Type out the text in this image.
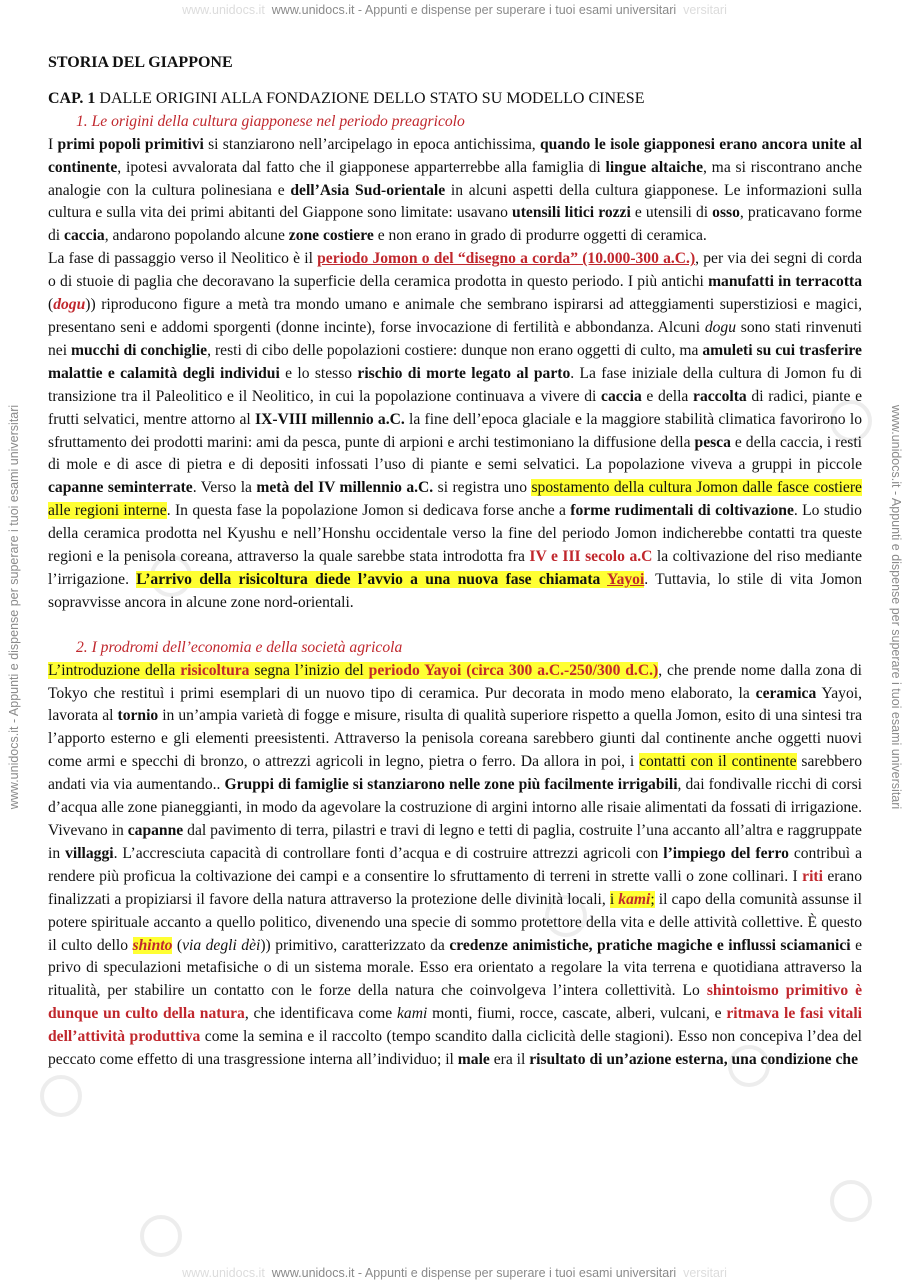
www.unidocs.it www.unidocs.it - Appunti e dispense per superare i tuoi esami universitari versitari
www.unidocs.it www.unidocs.it - Appunti e dispense per superare i tuoi esami universitari versitari
www.unidocs.it - Appunti e dispense per superare i tuoi esami universitari	www.unidocs.it - Appunti e dispense per superare i tuoi esami universitari
STORIA DEL GIAPPONE
CAP. 1 DALLE ORIGINI ALLA FONDAZIONE DELLO STATO SU MODELLO CINESE
1. Le origini della cultura giapponese nel periodo preagricolo

I primi popoli primitivi si stanziarono nell’arcipelago in epoca antichissima, quando le isole giapponesi erano ancora unite al continente, ipotesi avvalorata dal fatto che il giapponese apparterrebbe alla famiglia di lingue altaiche, ma si riscontrano anche analogie con la cultura polinesiana e dell’Asia Sud-orientale in alcuni aspetti della cultura giapponese. Le informazioni sulla cultura e sulla vita dei primi abitanti del Giappone sono limitate: usavano utensili litici rozzi e utensili di osso, praticavano forme di caccia, andarono popolando alcune zone costiere e non erano in grado di produrre oggetti di ceramica.

La fase di passaggio verso il Neolitico è il periodo Jomon o del “disegno a corda” (10.000-300 a.C.), per via dei segni di corda o di stuoie di paglia che decoravano la superficie della ceramica prodotta in questo periodo. I più antichi manufatti in terracotta (dogu)) riproducono figure a metà tra mondo umano e animale che sembrano ispirarsi ad atteggiamenti superstiziosi e magici, presentano seni e addomi sporgenti (donne incinte), forse invocazione di fertilità e abbondanza. Alcuni dogu sono stati rinvenuti nei mucchi di conchiglie, resti di cibo delle popolazioni costiere: dunque non erano oggetti di culto, ma amuleti su cui trasferire malattie e calamità degli individui e lo stesso rischio di morte legato al parto. La fase iniziale della cultura di Jomon fu di transizione tra il Paleolitico e il Neolitico, in cui la popolazione continuava a vivere di caccia e della raccolta di radici, piante e frutti selvatici, mentre attorno al IX-VIII millennio a.C. la fine dell’epoca glaciale e la maggiore stabilità climatica favorirono lo sfruttamento dei prodotti marini: ami da pesca, punte di arpioni e archi testimoniano la diffusione della pesca e della caccia, i resti di mole e di asce di pietra e di depositi infossati l’uso di piante e semi selvatici. La popolazione viveva a gruppi in piccole capanne seminterrate. Verso la metà del IV millennio a.C. si registra uno spostamento della cultura Jomon dalle fasce costiere alle regioni interne. In questa fase la popolazione Jomon si dedicava forse anche a forme rudimentali di coltivazione. Lo studio della ceramica prodotta nel Kyushu e nell’Honshu occidentale verso la fine del periodo Jomon indicherebbe contatti tra queste regioni e la penisola coreana, attraverso la quale sarebbe stata introdotta fra IV e III secolo a.C la coltivazione del riso mediante l’irrigazione. L’arrivo della risicoltura diede l’avvio a una nuova fase chiamata Yayoi. Tuttavia, lo stile di vita Jomon sopravvisse ancora in alcune zone nord-orientali.

2. I prodromi dell’economia e della società agricola

L’introduzione della risicoltura segna l’inizio del periodo Yayoi (circa 300 a.C.-250/300 d.C.), che prende nome dalla zona di Tokyo che restituì i primi esemplari di un nuovo tipo di ceramica. Pur decorata in modo meno elaborato, la ceramica Yayoi, lavorata al tornio in un’ampia varietà di fogge e misure, risulta di qualità superiore rispetto a quella Jomon, esito di una sintesi tra l’apporto esterno e gli elementi preesistenti. Attraverso la penisola coreana sarebbero giunti dal continente anche oggetti nuovi come armi e specchi di bronzo, o attrezzi agricoli in legno, pietra o ferro. Da allora in poi, i contatti con il continente sarebbero andati via via aumentando.. Gruppi di famiglie si stanziarono nelle zone più facilmente irrigabili, dai fondivalle ricchi di corsi d’acqua alle zone pianeggianti, in modo da agevolare la costruzione di argini intorno alle risaie alimentati da fossati di irrigazione. Vivevano in capanne dal pavimento di terra, pilastri e travi di legno e tetti di paglia, costruite l’una accanto all’altra e raggruppate in villaggi. L’accresciuta capacità di controllare fonti d’acqua e di costruire attrezzi agricoli con l’impiego del ferro contribuì a rendere più proficua la coltivazione dei campi e a consentire lo sfruttamento di terreni in strette valli o zone collinari. I riti erano finalizzati a propiziarsi il favore della natura attraverso la protezione delle divinità locali, i kami; il capo della comunità assunse il potere spirituale accanto a quello politico, divenendo una specie di sommo protettore della vita e delle attività collettive. È questo il culto dello shinto (via degli dèi)) primitivo, caratterizzato da credenze animistiche, pratiche magiche e influssi sciamanici e privo di speculazioni metafisiche o di un sistema morale. Esso era orientato a regolare la vita terrena e quotidiana attraverso la ritualità, per stabilire un contatto con le forze della natura che coinvolgeva l’intera collettività. Lo shintoismo primitivo è dunque un culto della natura, che identificava come kami monti, fiumi, rocce, cascate, alberi, vulcani, e ritmava le fasi vitali dell’attività produttiva come la semina e il raccolto (tempo scandito dalla ciclicità delle stagioni). Esso non concepiva l’dea del peccato come effetto di una trasgressione interna all’individuo; il male era il risultato di un’azione esterna, una condizione che
